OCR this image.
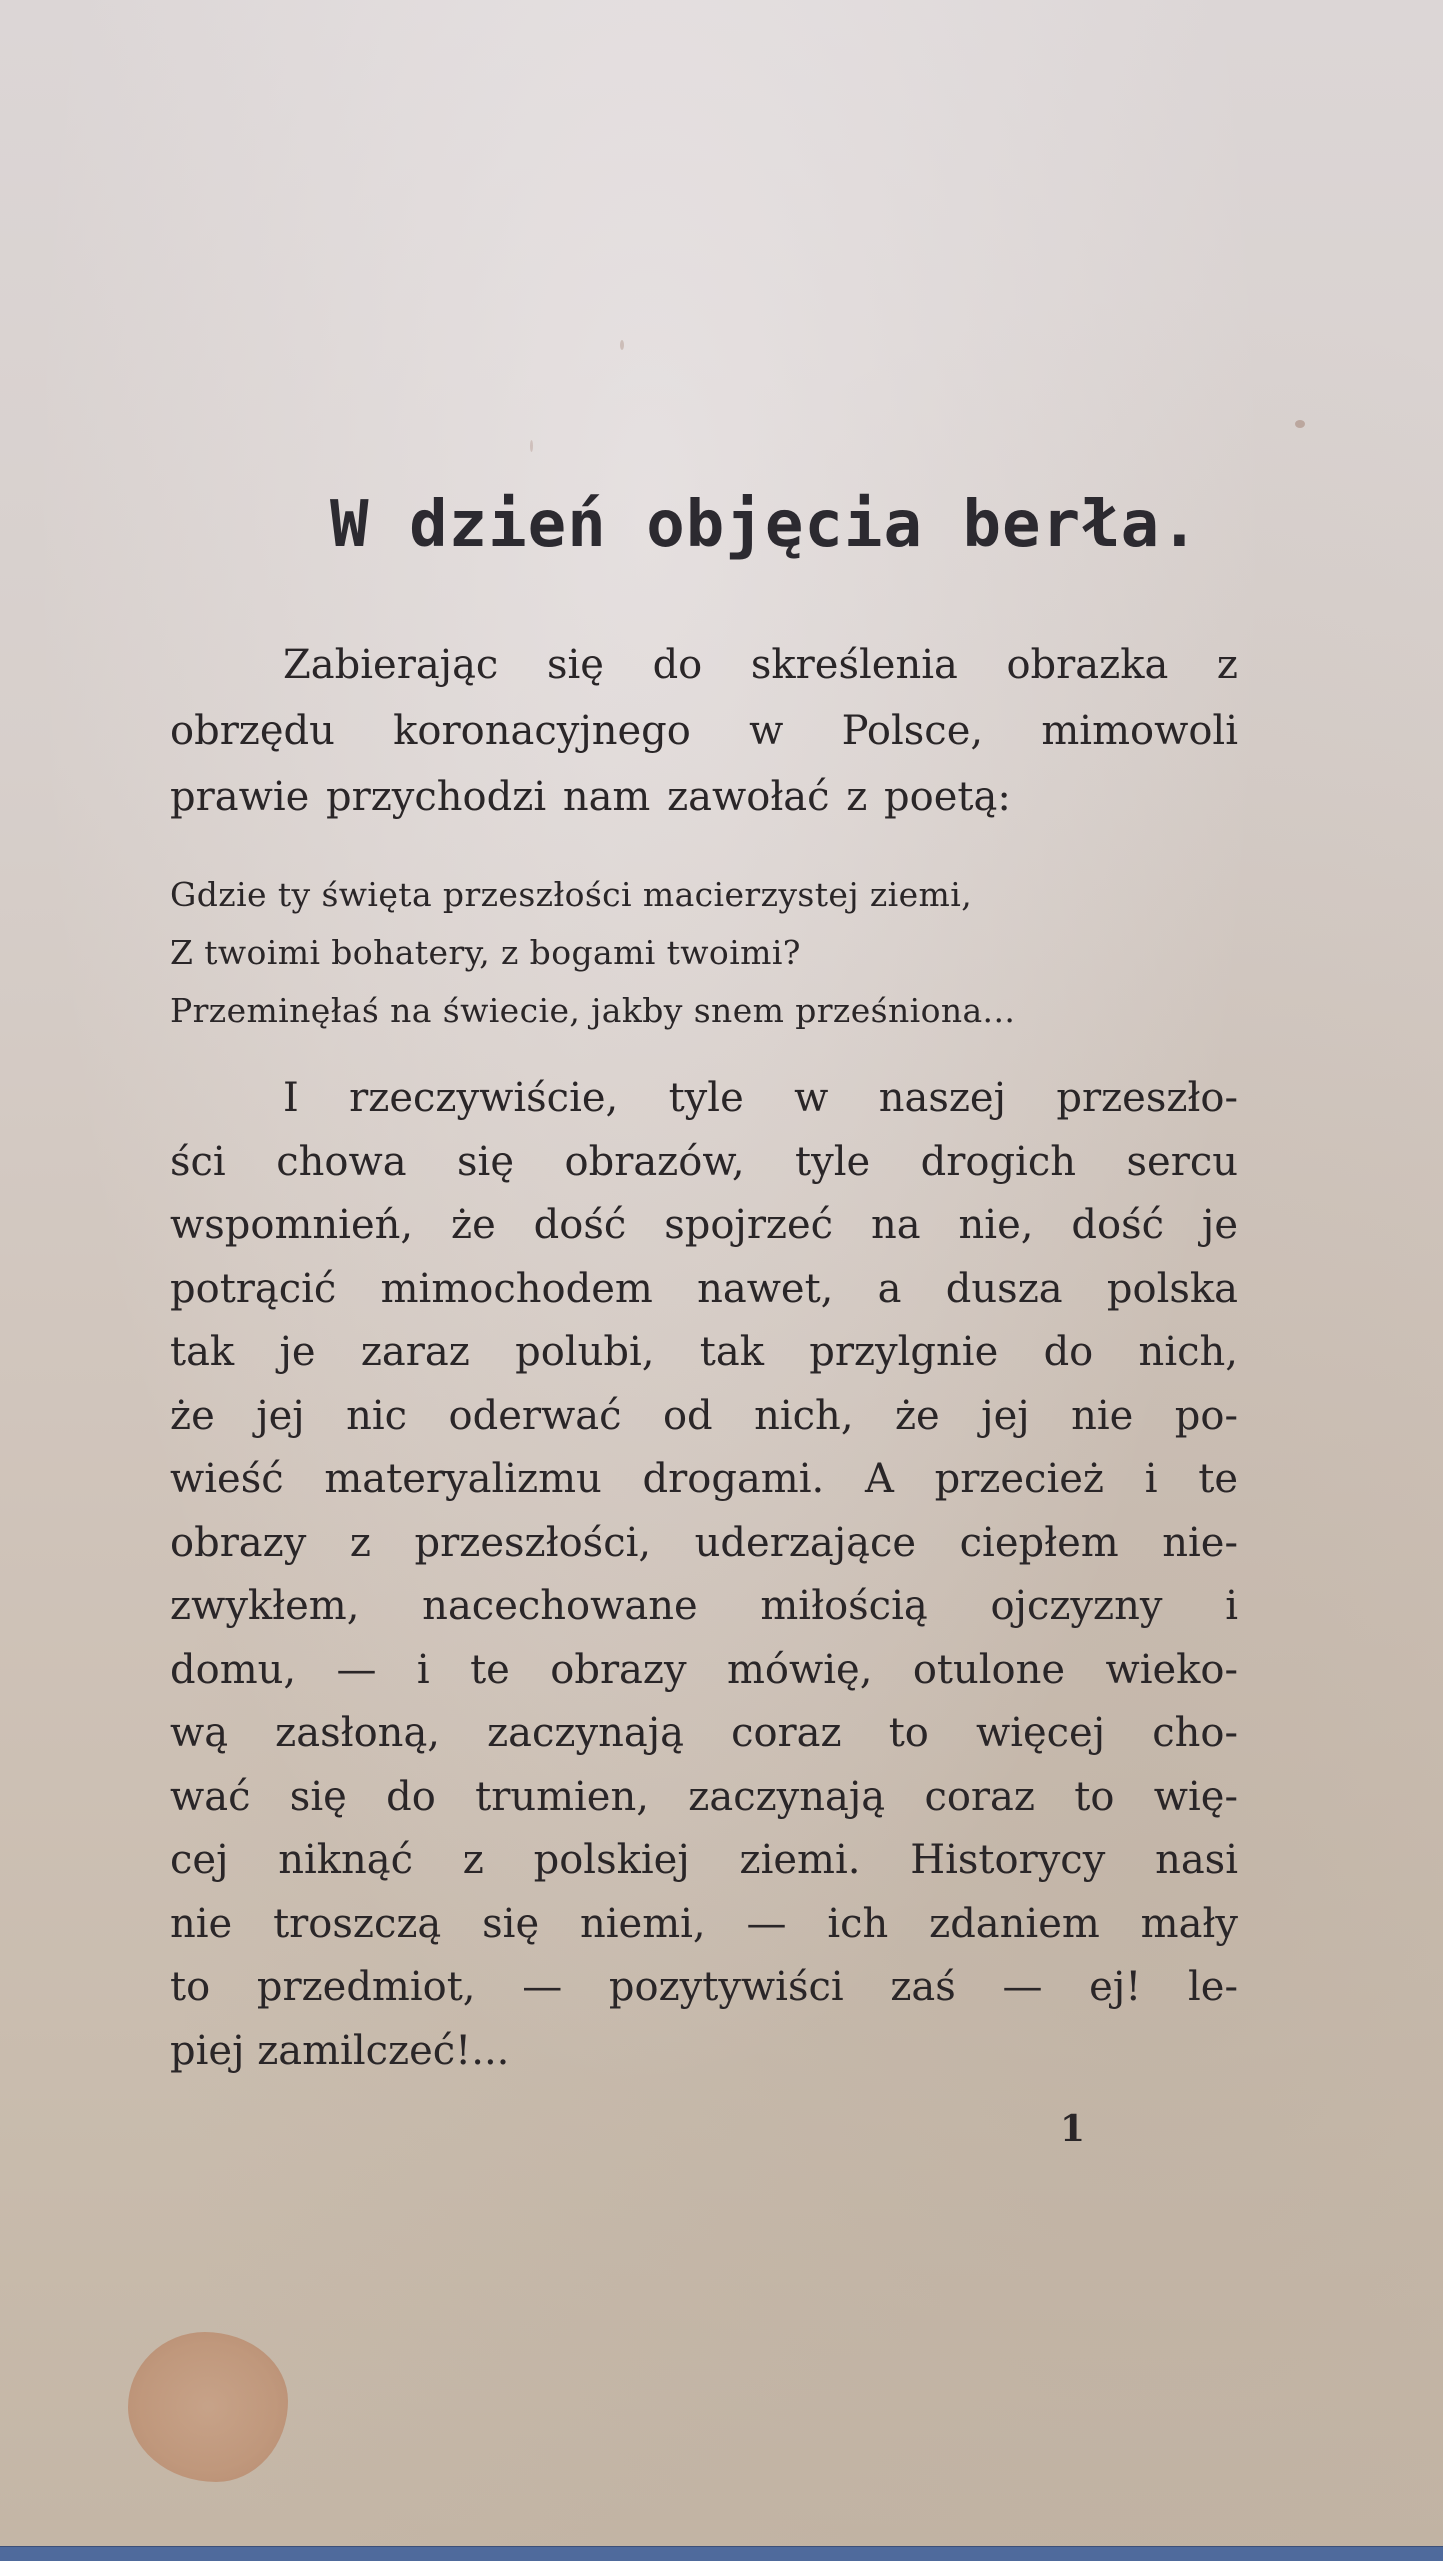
W dzień objęcia berła.
Zabierając się do skreślenia obrazka z
obrzędu koronacyjnego w Polsce, mimowoli
prawie przychodzi nam zawołać z poetą:
Gdzie ty święta przeszłości macierzystej ziemi,
Z twoimi bohatery, z bogami twoimi?
Przeminęłaś na świecie, jakby snem prześniona...
I rzeczywiście, tyle w naszej przeszło-
ści chowa się obrazów, tyle drogich sercu
wspomnień, że dość spojrzeć na nie, dość je
potrącić mimochodem nawet, a dusza polska
tak je zaraz polubi, tak przylgnie do nich,
że jej nic oderwać od nich, że jej nie po-
wieść materyalizmu drogami. A przecież i te
obrazy z przeszłości, uderzające ciepłem nie-
zwykłem, nacechowane miłością ojczyzny i
domu, — i te obrazy mówię, otulone wieko-
wą zasłoną, zaczynają coraz to więcej cho-
wać się do trumien, zaczynają coraz to wię-
cej niknąć z polskiej ziemi. Historycy nasi
nie troszczą się niemi, — ich zdaniem mały
to przedmiot, — pozytywiści zaś — ej! le-
piej zamilczeć!...
1
